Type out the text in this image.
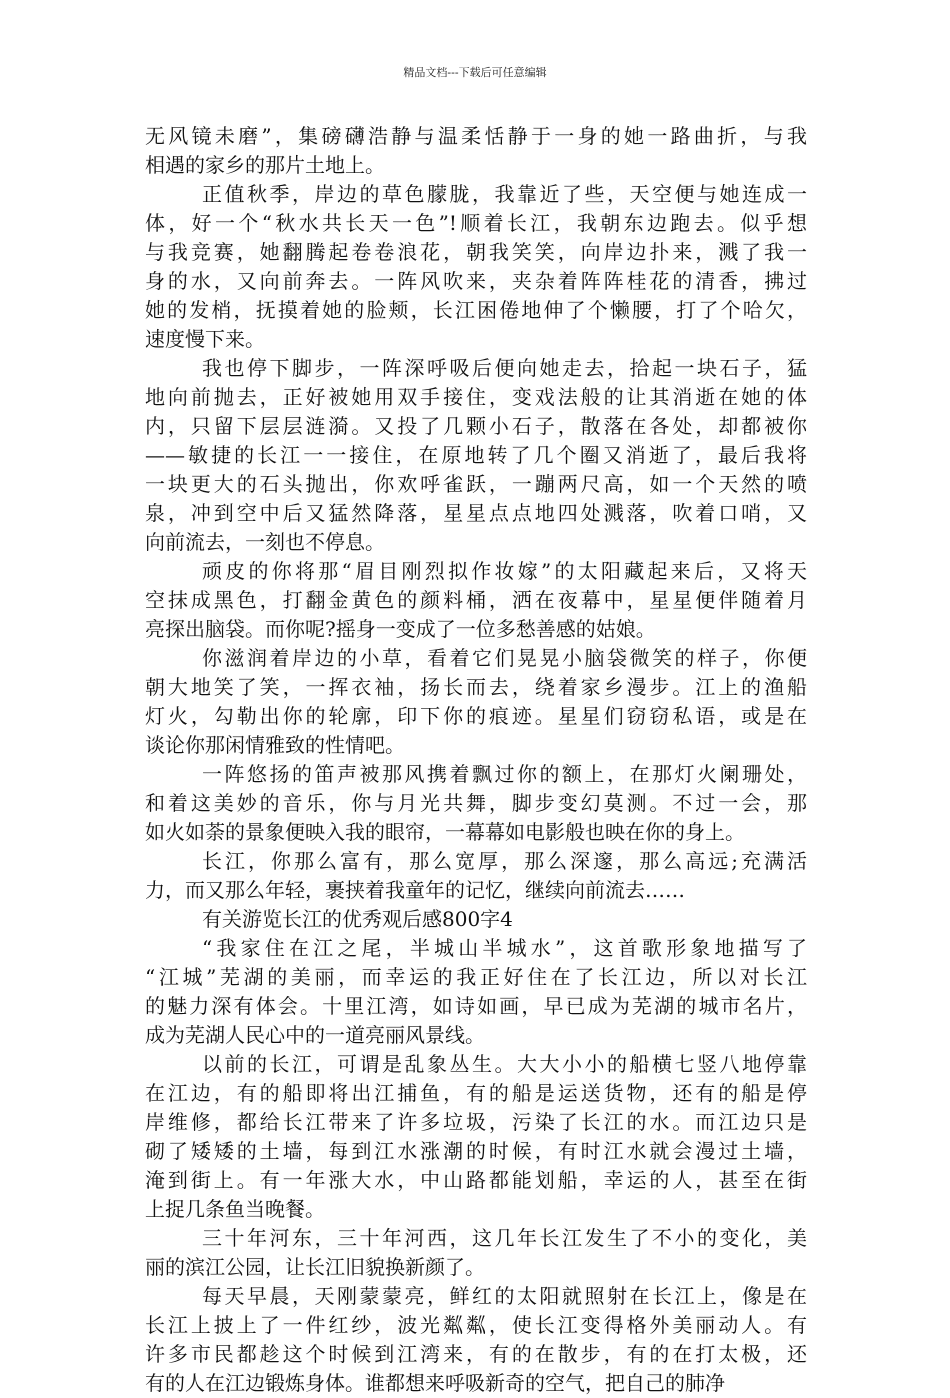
精品文档---下载后可任意编辑
无风镜未磨”，集磅礴浩静与温柔恬静于一身的她一路曲折，与我
相遇的家乡的那片土地上。
正值秋季，岸边的草色朦胧，我靠近了些，天空便与她连成一
体，好一个“秋水共长天一色”!顺着长江，我朝东边跑去。似乎想
与我竞赛，她翻腾起卷卷浪花，朝我笑笑，向岸边扑来，溅了我一
身的水，又向前奔去。一阵风吹来，夹杂着阵阵桂花的清香，拂过
她的发梢，抚摸着她的脸颊，长江困倦地伸了个懒腰，打了个哈欠，
速度慢下来。
我也停下脚步，一阵深呼吸后便向她走去，拾起一块石子，猛
地向前抛去，正好被她用双手接住，变戏法般的让其消逝在她的体
内，只留下层层涟漪。又投了几颗小石子，散落在各处，却都被你
——敏捷的长江一一接住，在原地转了几个圈又消逝了，最后我将
一块更大的石头抛出，你欢呼雀跃，一蹦两尺高，如一个天然的喷
泉，冲到空中后又猛然降落，星星点点地四处溅落，吹着口哨，又
向前流去，一刻也不停息。
顽皮的你将那“眉目刚烈拟作妆嫁”的太阳藏起来后，又将天
空抹成黑色，打翻金黄色的颜料桶，洒在夜幕中，星星便伴随着月
亮探出脑袋。而你呢?摇身一变成了一位多愁善感的姑娘。
你滋润着岸边的小草，看着它们晃晃小脑袋微笑的样子，你便
朝大地笑了笑，一挥衣袖，扬长而去，绕着家乡漫步。江上的渔船
灯火，勾勒出你的轮廓，印下你的痕迹。星星们窃窃私语，或是在
谈论你那闲情雅致的性情吧。
一阵悠扬的笛声被那风携着飘过你的额上，在那灯火阑珊处，
和着这美妙的音乐，你与月光共舞，脚步变幻莫测。不过一会，那
如火如荼的景象便映入我的眼帘，一幕幕如电影般也映在你的身上。
长江，你那么富有，那么宽厚，那么深邃，那么高远;充满活
力，而又那么年轻，裹挟着我童年的记忆，继续向前流去……
有关游览长江的优秀观后感800字4
“我家住在江之尾，半城山半城水”，这首歌形象地描写了
“江城”芜湖的美丽，而幸运的我正好住在了长江边，所以对长江
的魅力深有体会。十里江湾，如诗如画，早已成为芜湖的城市名片，
成为芜湖人民心中的一道亮丽风景线。
以前的长江，可谓是乱象丛生。大大小小的船横七竖八地停靠
在江边，有的船即将出江捕鱼，有的船是运送货物，还有的船是停
岸维修，都给长江带来了许多垃圾，污染了长江的水。而江边只是
砌了矮矮的土墙，每到江水涨潮的时候，有时江水就会漫过土墙，
淹到街上。有一年涨大水，中山路都能划船，幸运的人，甚至在街
上捉几条鱼当晚餐。
三十年河东，三十年河西，这几年长江发生了不小的变化，美
丽的滨江公园，让长江旧貌换新颜了。
每天早晨，天刚蒙蒙亮，鲜红的太阳就照射在长江上，像是在
长江上披上了一件红纱，波光粼粼，使长江变得格外美丽动人。有
许多市民都趁这个时候到江湾来，有的在散步，有的在打太极，还
有的人在江边锻炼身体。谁都想来呼吸新奇的空气，把自己的肺净
